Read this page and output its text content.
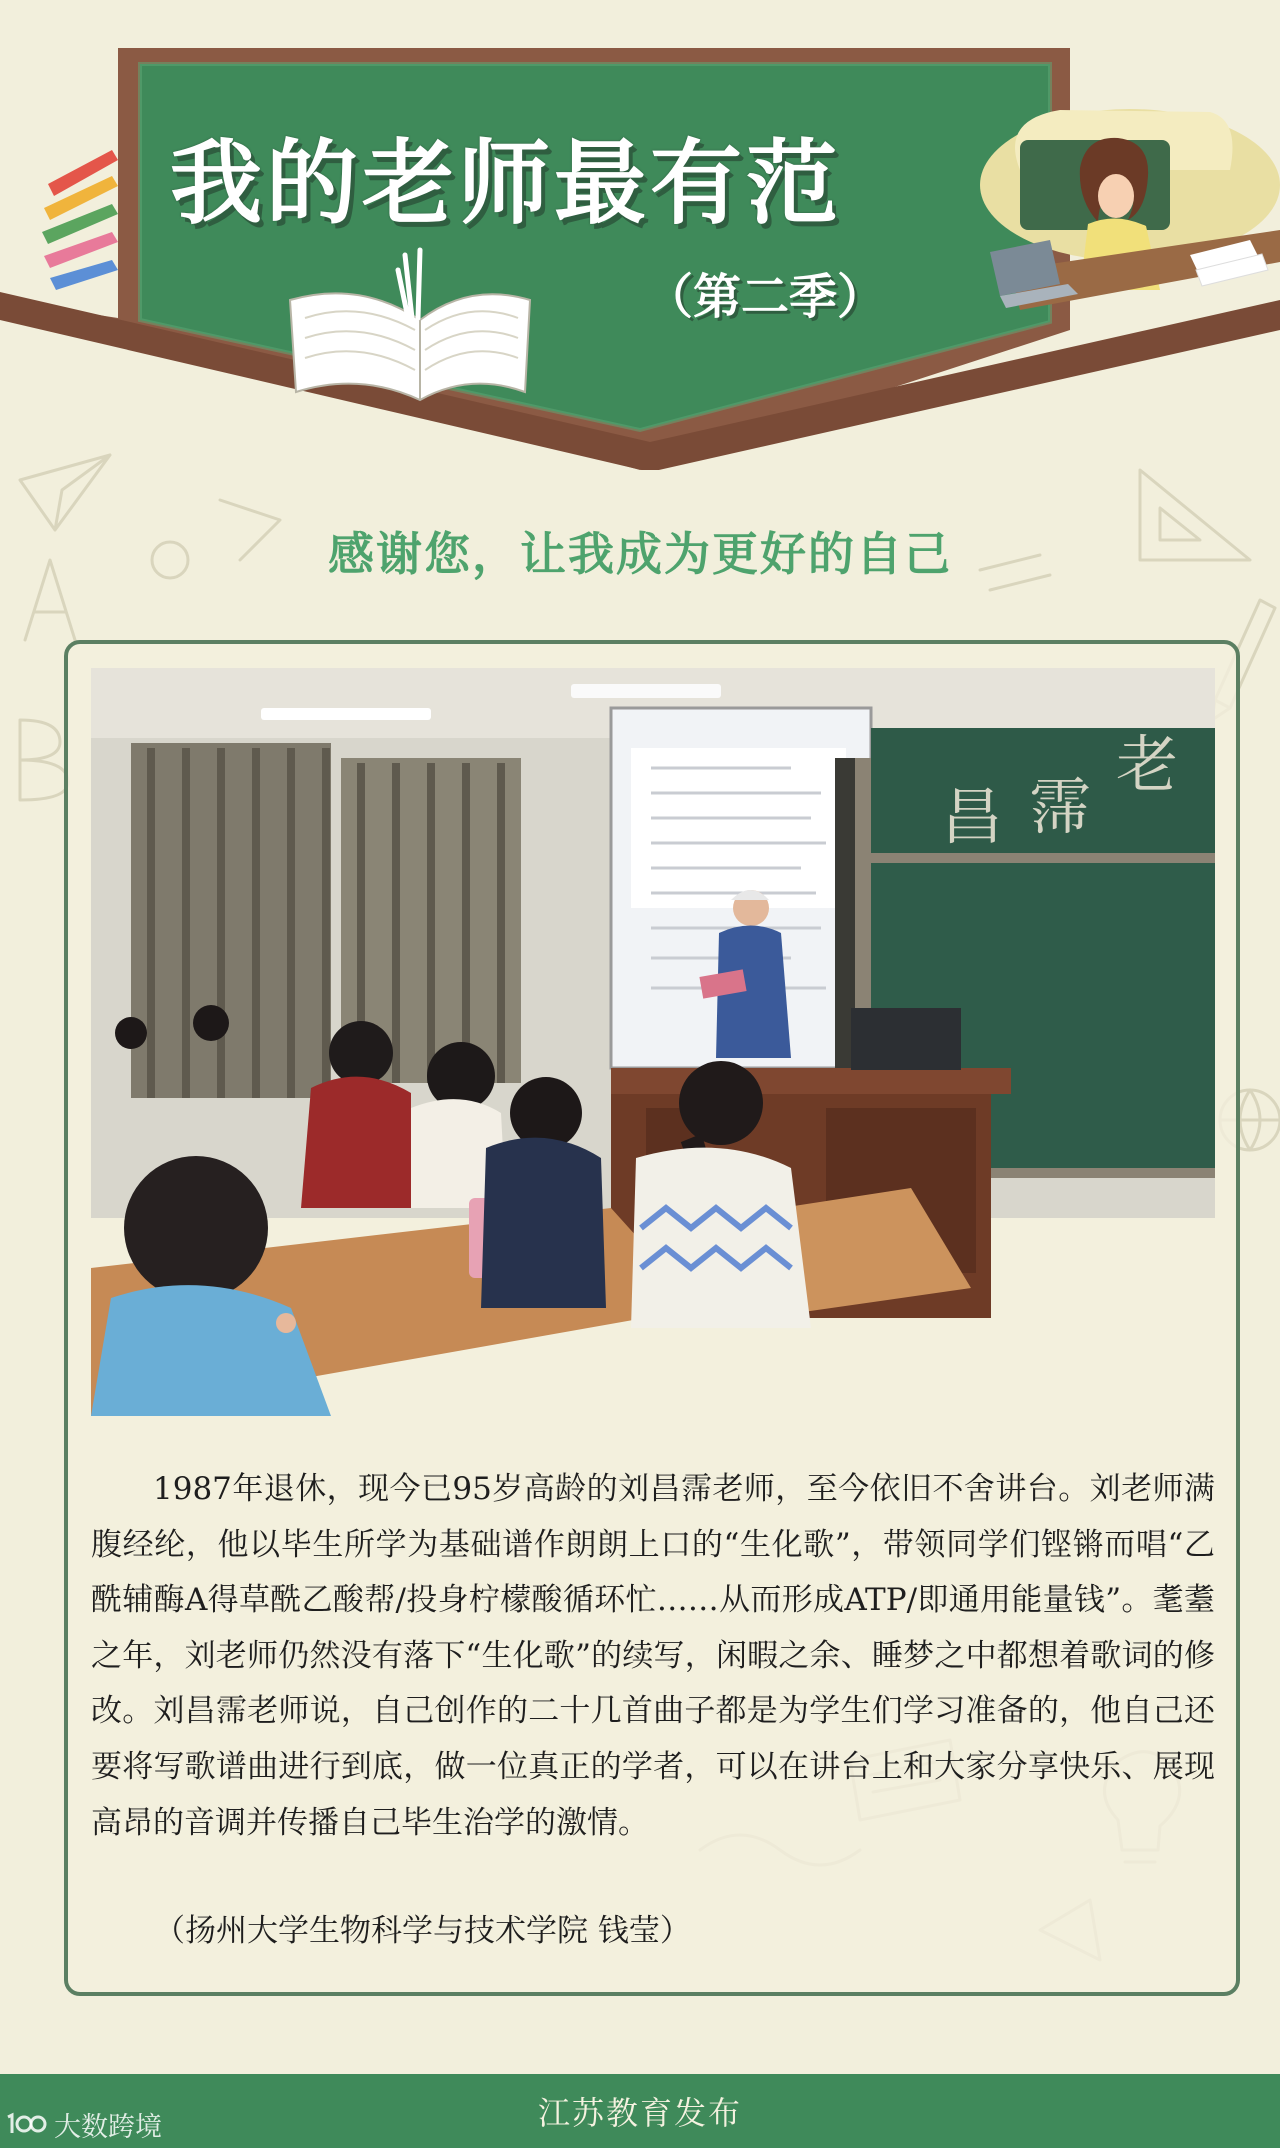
我的老师最有范
（第二季）
感谢您，让我成为更好的自己
昌 霈
老

1987年退休，现今已95岁高龄的刘昌霈老师，至今依旧不舍讲台。刘老师满腹经纶，他以毕生所学为基础谱作朗朗上口的“生化歌”，带领同学们铿锵而唱“乙酰辅酶A得草酰乙酸帮/投身柠檬酸循环忙……从而形成ATP/即通用能量钱”。耄耋之年，刘老师仍然没有落下“生化歌”的续写，闲暇之余、睡梦之中都想着歌词的修改。刘昌霈老师说，自己创作的二十几首曲子都是为学生们学习准备的，他自己还要将写歌谱曲进行到底，做一位真正的学者，可以在讲台上和大家分享快乐、展现高昂的音调并传播自己毕生治学的激情。

（扬州大学生物科学与技术学院 钱莹）
江苏教育发布
大数跨境
